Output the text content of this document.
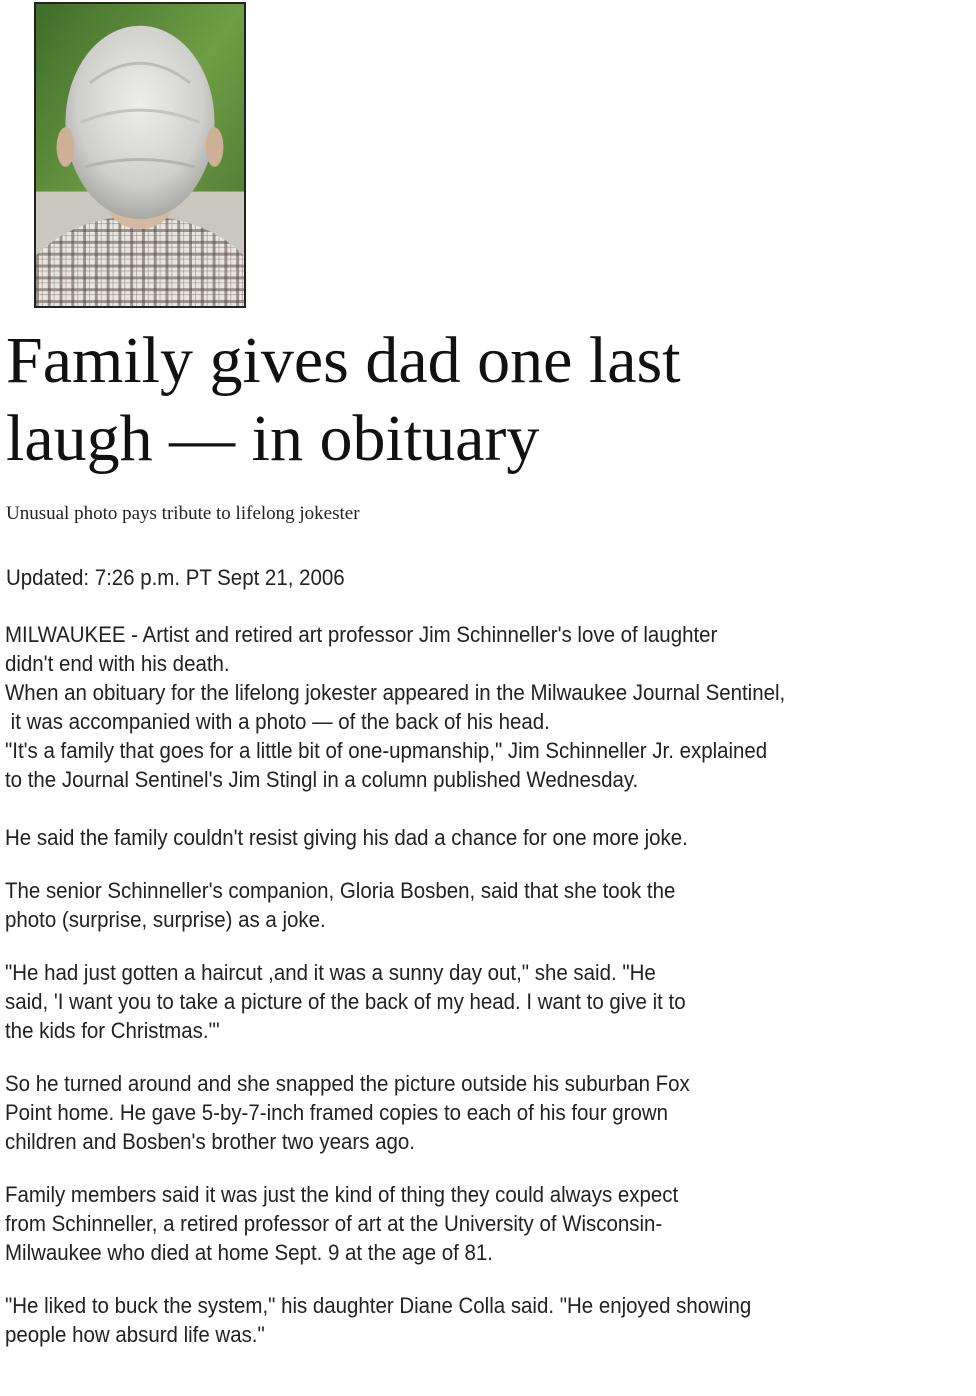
Family gives dad one last
laugh — in obituary

Unusual photo pays tribute to lifelong jokester

Updated: 7:26 p.m. PT Sept 21, 2006

MILWAUKEE - Artist and retired art professor Jim Schinneller's love of laughter
didn't end with his death.

When an obituary for the lifelong jokester appeared in the Milwaukee Journal Sentinel,
it was accompanied with a photo — of the back of his head.

"It's a family that goes for a little bit of one-upmanship," Jim Schinneller Jr. explained
to the Journal Sentinel's Jim Stingl in a column published Wednesday.

He said the family couldn't resist giving his dad a chance for one more joke.

The senior Schinneller's companion, Gloria Bosben, said that she took the
photo (surprise, surprise) as a joke.

"He had just gotten a haircut ,and it was a sunny day out," she said. "He
said, 'I want you to take a picture of the back of my head. I want to give it to
the kids for Christmas.'"

So he turned around and she snapped the picture outside his suburban Fox
Point home. He gave 5-by-7-inch framed copies to each of his four grown
children and Bosben's brother two years ago.

Family members said it was just the kind of thing they could always expect
from Schinneller, a retired professor of art at the University of Wisconsin-
Milwaukee who died at home Sept. 9 at the age of 81.

"He liked to buck the system," his daughter Diane Colla said. "He enjoyed showing
people how absurd life was."
